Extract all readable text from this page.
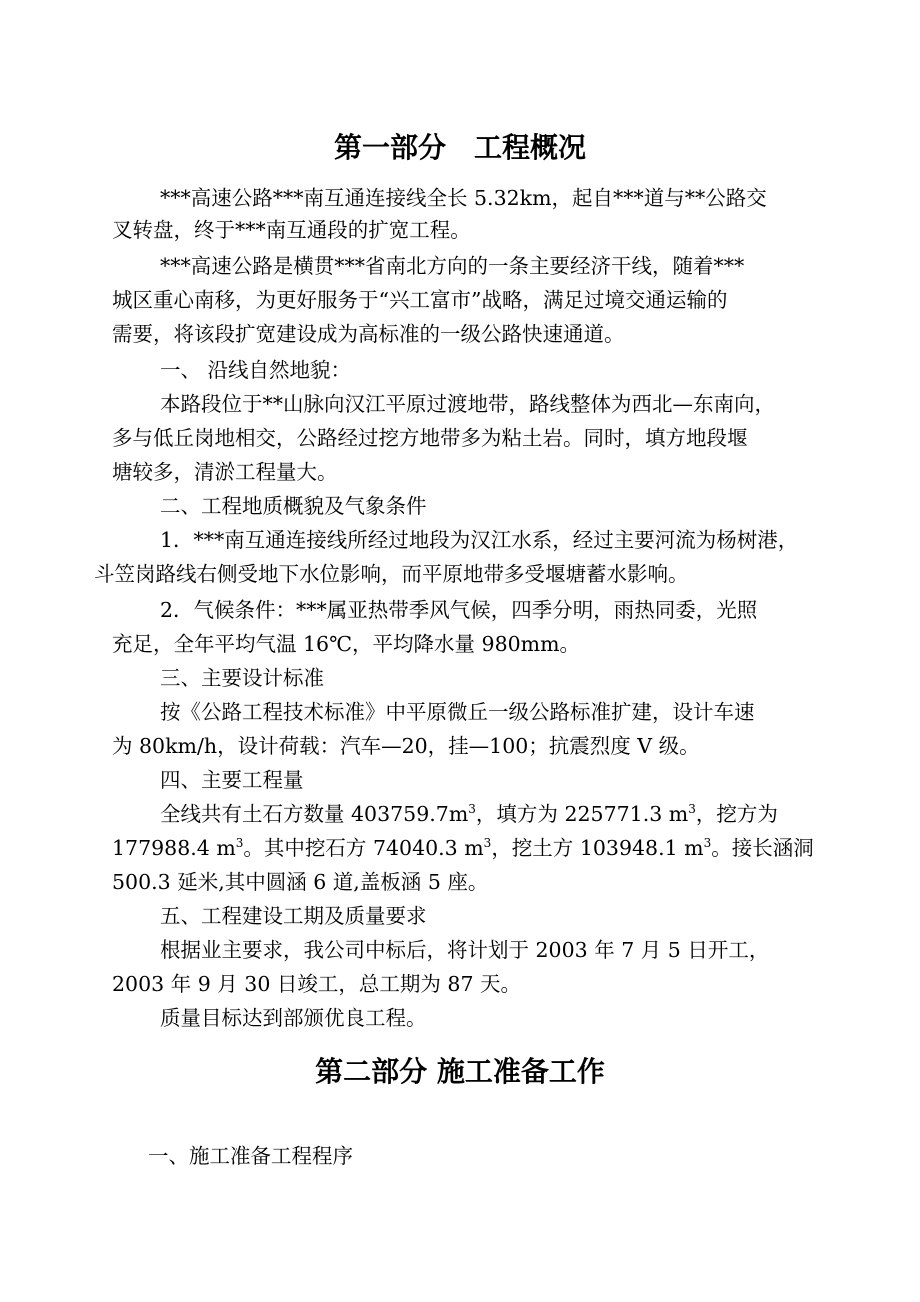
第一部分　工程概况
***高速公路***南互通连接线全长 5.32km，起自***道与**公路交
叉转盘，终于***南互通段的扩宽工程。
***高速公路是横贯***省南北方向的一条主要经济干线，随着***
城区重心南移，为更好服务于“兴工富市”战略，满足过境交通运输的
需要，将该段扩宽建设成为高标准的一级公路快速通道。
一、 沿线自然地貌：
本路段位于**山脉向汉江平原过渡地带，路线整体为西北—东南向，
多与低丘岗地相交，公路经过挖方地带多为粘土岩。同时，填方地段堰
塘较多，清淤工程量大。
二、工程地质概貌及气象条件
1．***南互通连接线所经过地段为汉江水系，经过主要河流为杨树港，
斗笠岗路线右侧受地下水位影响，而平原地带多受堰塘蓄水影响。
2．气候条件：***属亚热带季风气候，四季分明，雨热同委，光照
充足，全年平均气温 16℃，平均降水量 980mm。
三、主要设计标准
按《公路工程技术标准》中平原微丘一级公路标准扩建，设计车速
为 80km/h，设计荷载：汽车—20，挂—100；抗震烈度 V 级。
四、主要工程量
全线共有土石方数量 $403759.7m^3$，填方为 225771.3 $m^3$，挖方为
177988.4 $m^3$。其中挖石方 74040.3 $m^3$，挖土方 103948.1 $m^3$。接长涵洞
500.3 延米,其中圆涵 6 道,盖板涵 5 座。
五、工程建设工期及质量要求
根据业主要求，我公司中标后，将计划于 2003 年 7 月 5 日开工，
2003 年 9 月 30 日竣工，总工期为 87 天。
质量目标达到部颁优良工程。
第二部分 施工准备工作
一、施工准备工程程序
